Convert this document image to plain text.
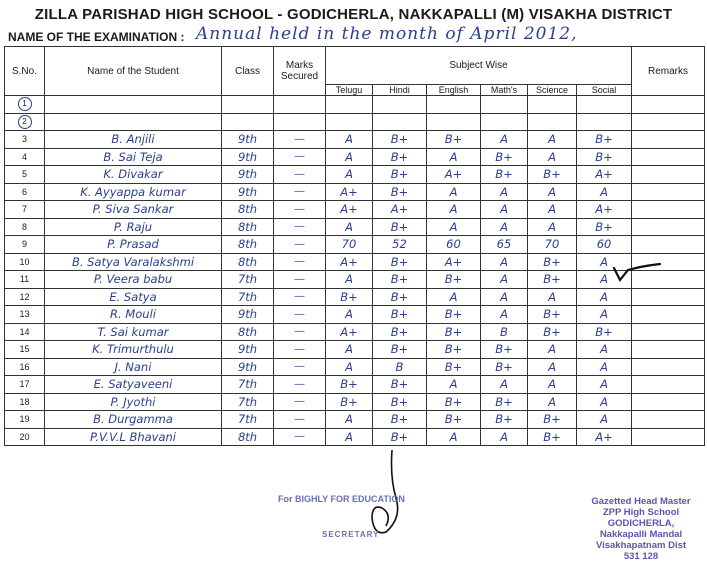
ZILLA PARISHAD HIGH SCHOOL - GODICHERLA, NAKKAPALLI (M) VISAKHA DISTRICT
NAME OF THE EXAMINATION : Annual held in the month of April 2012,
S.No.	Name of the Student	Class	Marks Secured	Subject Wise						Remarks
				Telugu	Hindi	English	Math's	Science	Social	
1										
2										
3	B. Anjili	9th	—	A	B+	B+	A	A	B+	
4	B. Sai Teja	9th	—	A	B+	A	B+	A	B+	
5	K. Divakar	9th	—	A	B+	A+	B+	B+	A+	
6	K. Ayyappa kumar	9th	—	A+	B+	A	A	A	A	
7	P. Siva Sankar	8th	—	A+	A+	A	A	A	A+	
8	P. Raju	8th	—	A	B+	A	A	A	B+	
9	P. Prasad	8th	—	70	52	60	65	70	60	
10	B. Satya Varalakshmi	8th	—	A+	B+	A+	A	B+	A	
11	P. Veera babu	7th	—	A	B+	B+	A	B+	A	
12	E. Satya	7th	—	B+	B+	A	A	A	A	
13	R. Mouli	9th	—	A	B+	B+	A	B+	A	
14	T. Sai kumar	8th	—	A+	B+	B+	B	B+	B+	
15	K. Trimurthulu	9th	—	A	B+	B+	B+	A	A	
16	J. Nani	9th	—	A	B	B+	B+	A	A	
17	E. Satyaveeni	7th	—	B+	B+	A	A	A	A	
18	P. Jyothi	7th	—	B+	B+	B+	B+	A	A	
19	B. Durgamma	7th	—	A	B+	B+	B+	B+	A	
20	P.V.V.L Bhavani	8th	—	A	B+	A	A	B+	A+	
For BIGHLY FOR EDUCATION
SECRETARY
Gazetted Head Master
ZPP High School
GODICHERLA,
Nakkapalli Mandal
Visakhapatnam Dist
531 128
